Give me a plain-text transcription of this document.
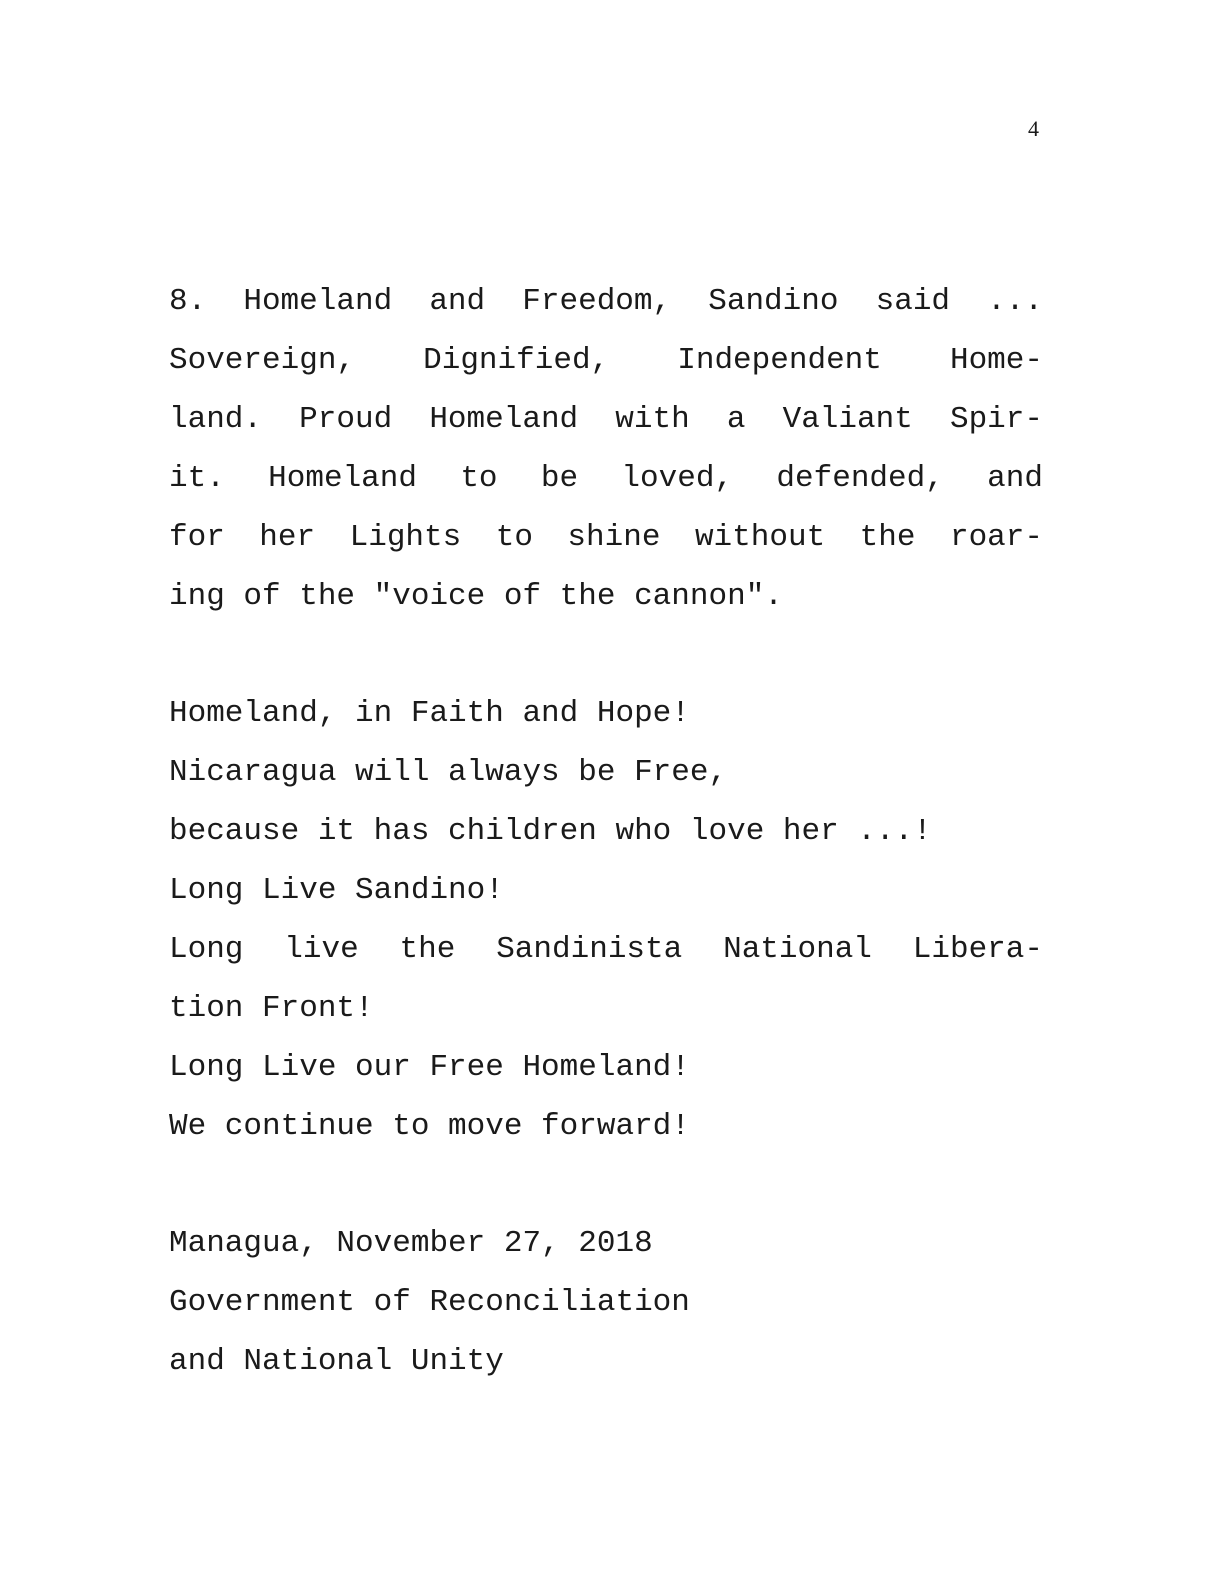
4
8. Homeland and Freedom, Sandino said ...
Sovereign, Dignified, Independent Home-
land. Proud Homeland with a Valiant Spir-
it. Homeland to be loved, defended, and
for her Lights to shine without the roar-
ing of the "voice of the cannon".
Homeland, in Faith and Hope!
Nicaragua will always be Free,
because it has children who love her ...!
Long Live Sandino!
Long live the Sandinista National Libera-
tion Front!
Long Live our Free Homeland!
We continue to move forward!
Managua, November 27, 2018
Government of Reconciliation
and National Unity
